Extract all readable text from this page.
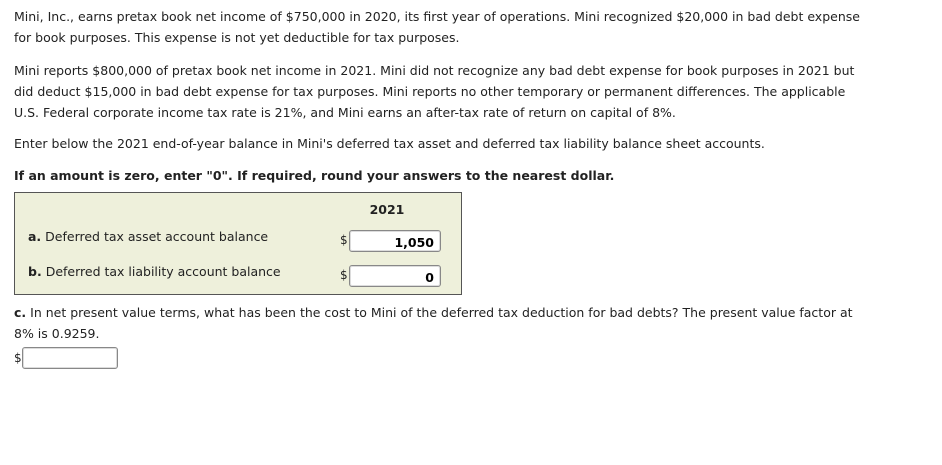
Mini, Inc., earns pretax book net income of $750,000 in 2020, its first year of operations. Mini recognized $20,000 in bad debt expense for book purposes. This expense is not yet deductible for tax purposes.

Mini reports $800,000 of pretax book net income in 2021. Mini did not recognize any bad debt expense for book purposes in 2021 but did deduct $15,000 in bad debt expense for tax purposes. Mini reports no other temporary or permanent differences. The applicable U.S. Federal corporate income tax rate is 21%, and Mini earns an after-tax rate of return on capital of 8%.

Enter below the 2021 end-of-year balance in Mini's deferred tax asset and deferred tax liability balance sheet accounts.

If an amount is zero, enter "0". If required, round your answers to the nearest dollar.

2021
a. Deferred tax asset account balance	$
1,050
b. Deferred tax liability account balance	$
0

c. In net present value terms, what has been the cost to Mini of the deferred tax deduction for bad debts? The present value factor at 8% is 0.9259.

$
